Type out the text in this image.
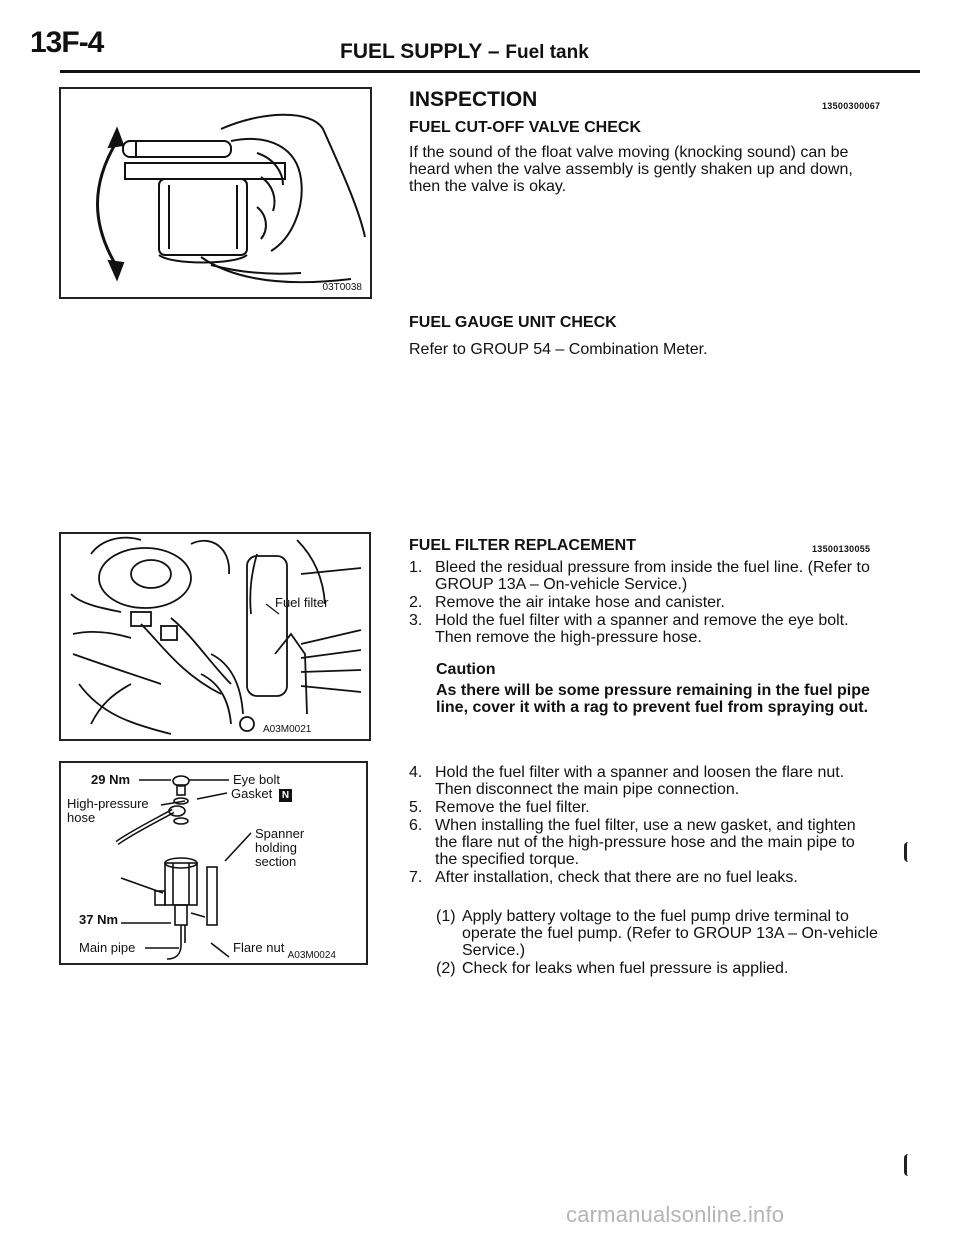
13F-4	FUEL SUPPLY – Fuel tank
03T0038
Fuel filter
A03M0021
29 Nm	Eye bolt
High-pressure
hose
Gasket N
Spanner
holding
section
37 Nm
Main pipe	Flare nut
A03M0024
INSPECTION	13500300067
FUEL CUT-OFF VALVE CHECK
If the sound of the float valve moving (knocking sound) can be heard when the valve assembly is gently shaken up and down, then the valve is okay.
FUEL GAUGE UNIT CHECK
Refer to GROUP 54 – Combination Meter.
FUEL FILTER REPLACEMENT	13500130055
1. Bleed the residual pressure from inside the fuel line. (Refer to GROUP 13A – On-vehicle Service.)
2. Remove the air intake hose and canister.
3. Hold the fuel filter with a spanner and remove the eye bolt. Then remove the high-pressure hose.
Caution
As there will be some pressure remaining in the fuel pipe line, cover it with a rag to prevent fuel from spraying out.
4. Hold the fuel filter with a spanner and loosen the flare nut. Then disconnect the main pipe connection.
5. Remove the fuel filter.
6. When installing the fuel filter, use a new gasket, and tighten the flare nut of the high-pressure hose and the main pipe to the specified torque.
7. After installation, check that there are no fuel leaks.
(1) Apply battery voltage to the fuel pump drive terminal to operate the fuel pump. (Refer to GROUP 13A – On-vehicle Service.)
(2) Check for leaks when fuel pressure is applied.
carmanualsonline.info
